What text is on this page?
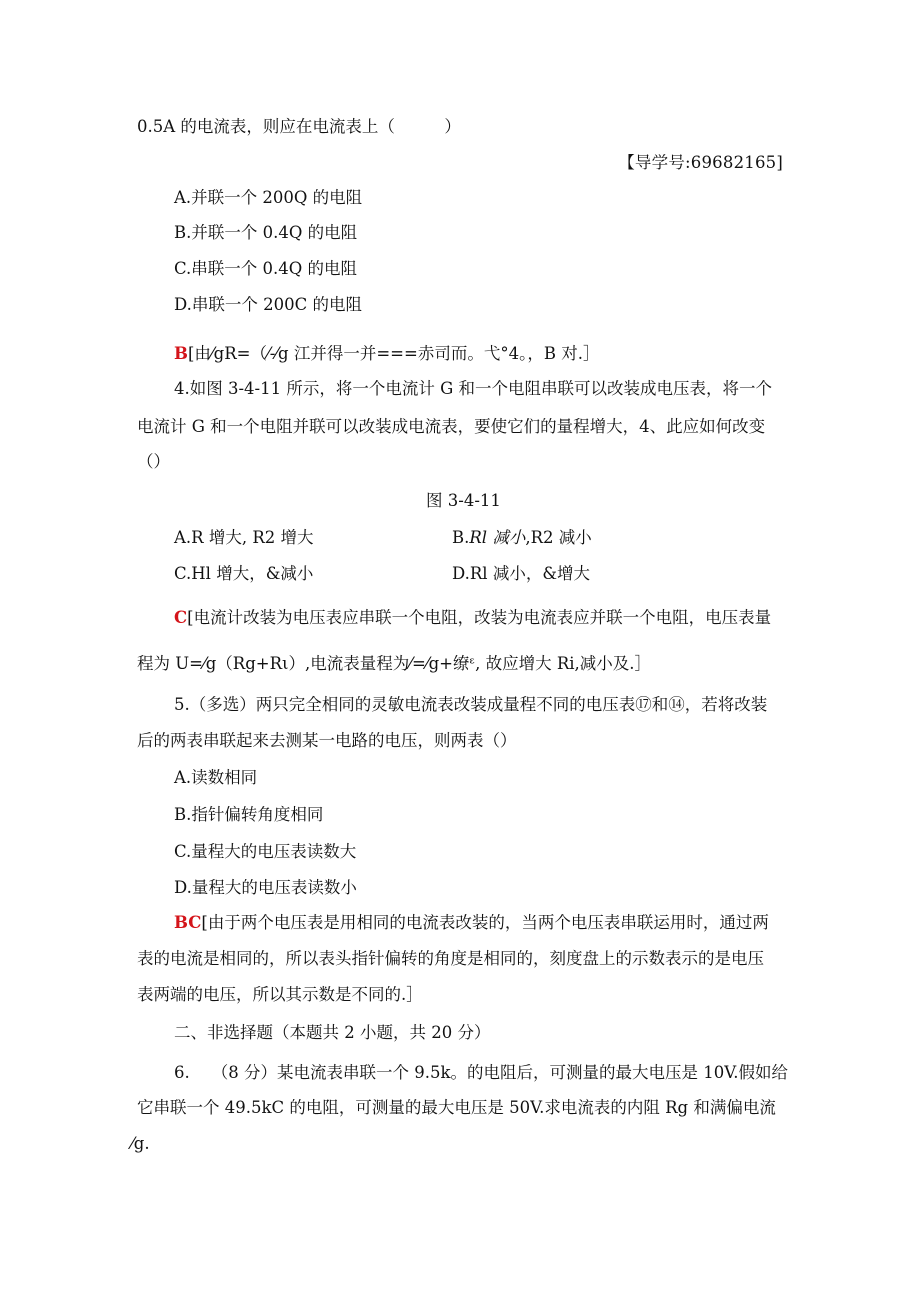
0.5A 的电流表，则应在电流表上（　　　）
【导学号:69682165]
A.并联一个 200Q 的电阻
B.并联一个 0.4Q 的电阻
C.串联一个 0.4Q 的电阻
D.串联一个 200C 的电阻
B[由⁄gR=（⁄-⁄g 江并得一并===赤司而。弋°4。，B 对.］
4.如图 3-4-11 所示，将一个电流计 G 和一个电阻串联可以改装成电压表，将一个
电流计 G 和一个电阻并联可以改装成电流表，要使它们的量程增大，4、此应如何改变
（）
图 3-4-11
A.R 增大, R2 增大	B.Rl 减小,R2 减小
C.Hl 增大，&减小	D.Rl 减小，&增大
C[电流计改装为电压表应串联一个电阻，改装为电流表应并联一个电阻，电压表量
程为 U=⁄g（Rg+Rι）,电流表量程为⁄=⁄g+缭ᵋ, 故应增大 Ri,减小及.］
5.（多选）两只完全相同的灵敏电流表改装成量程不同的电压表⑰和⑭，若将改装
后的两表串联起来去测某一电路的电压，则两表（）
A.读数相同
B.指针偏转角度相同
C.量程大的电压表读数大
D.量程大的电压表读数小
BC[由于两个电压表是用相同的电流表改装的，当两个电压表串联运用时，通过两
表的电流是相同的，所以表头指针偏转的角度是相同的，刻度盘上的示数表示的是电压
表两端的电压，所以其示数是不同的.］
二、非选择题（本题共 2 小题，共 20 分）
6. （8 分）某电流表串联一个 9.5k。的电阻后，可测量的最大电压是 10V.假如给
它串联一个 49.5kC 的电阻，可测量的最大电压是 50V.求电流表的内阻 Rg 和满偏电流
⁄g.
